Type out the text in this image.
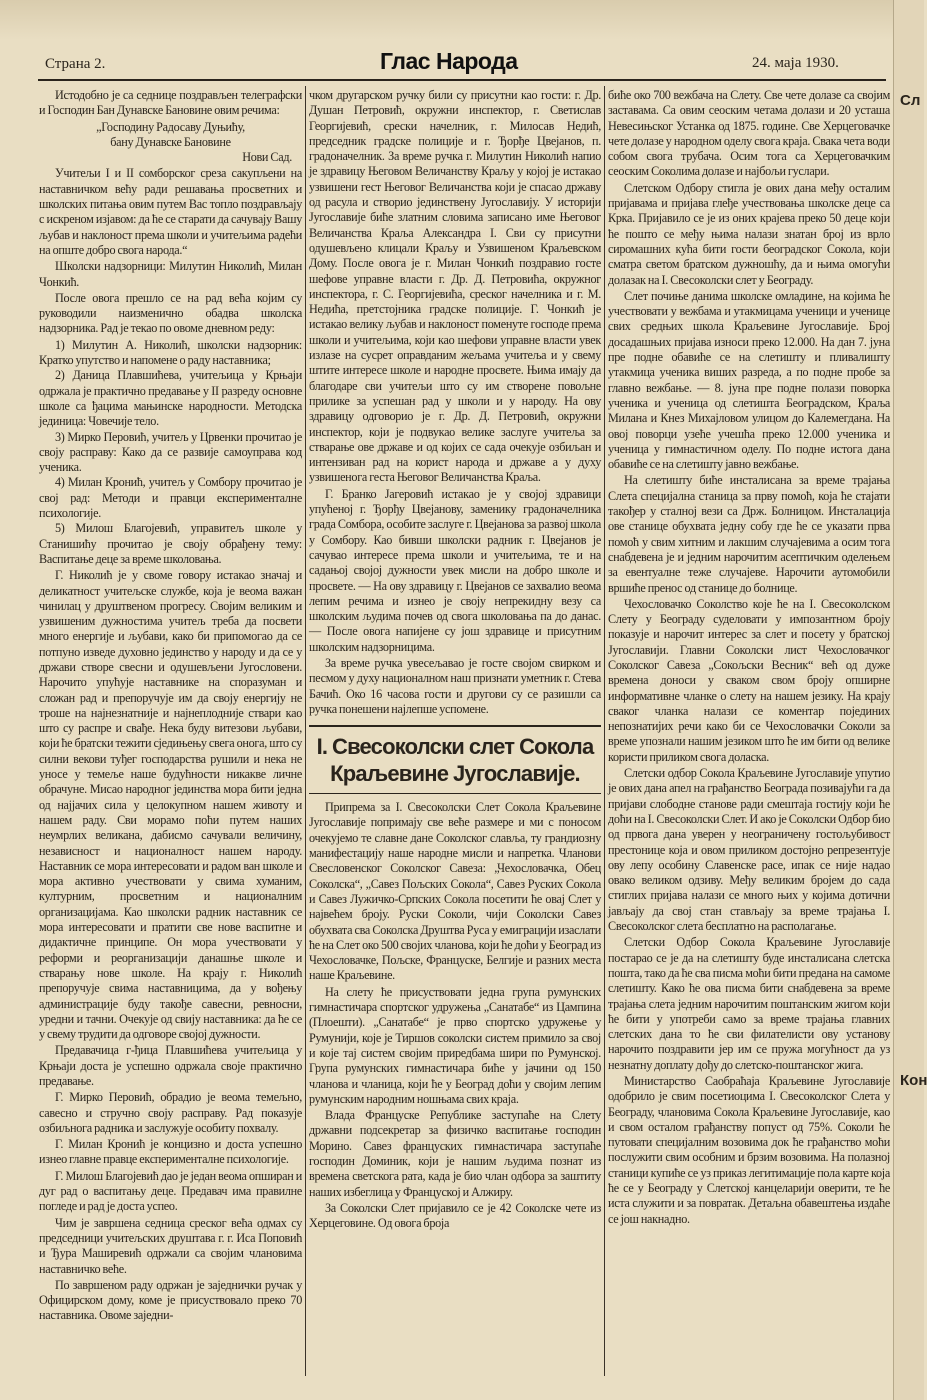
Страна 2.	Глас Народа	24. маја 1930.

Истодобно је са седнице поздрављен телеграфски и Господин Бан Дунавске Бановине овим речима:

„Господину Радосаву Дуњићу,

бану Дунавске Бановине

Нови Сад.

Учитељи I и II сомборског среза сакупљени на наставничком већу ради решавања просветних и школских питања овим путем Вас топло поздрављају с искреном изјавом: да ће се старати да сачувају Вашу љубав и наклоност према школи и учитељима радећи на опште добро свога народа.“

Школски надзорници: Милутин Николић, Милан Чонкић.

После овога прешло се на рад већа којим су руководили наизменично обадва школска надзорника. Рад је текао по овоме дневном реду:

1) Милутин А. Николић, школски надзорник: Кратко упутство и напомене о раду наставника;

2) Даница Плавшићева, учитељица у Крњаји одржала је практично предавање у II разреду основне школе са ђацима мањинске народности. Методска јединица: Човечије тело.

3) Мирко Перовић, учитељ у Црвенки прочитао је своју расправу: Како да се развије самоуправа код ученика.

4) Милан Кронић, учитељ у Сомбору прочитао је свој рад: Методи и правци експерименталне психологије.

5) Милош Благојевић, управитељ школе у Станишићу прочитао је своју обрађену тему: Васпитање деце за време школовања.

Г. Николић је у своме говору истакао значај и деликатност учитељске службе, која је веома важан чинилац у друштвеном прогресу. Својим великим и узвишеним дужностима учитељ треба да посвети много енергије и љубави, како би припомогао да се потпуно изведе духовно јединство у народу и да се у држави створе свесни и одушевљени Југословени. Нарочито упућује наставнике на споразуман и сложан рад и препоручује им да своју енергију не троше на најнезнатније и најнеплодније ствари као што су распре и свађе. Нека буду витезови љубави, који ће братски тежити сједињењу свега онога, што су силни векови туђег господарства рушили и нека не уносе у темеље наше будућности никакве личне обрачуне. Мисао народног јединства мора бити једна од најјачих сила у целокупном нашем животу и нашем раду. Сви морамо поћи путем наших неумрлих великана, дабисмо сачували величину, независност и националност нашем народу. Наставник се мора интересовати и радом ван школе и мора активно учествовати у свима хуманим, културним, просветним и националним организацијама. Као школски радник наставник се мора интересовати и пратити све нове васпитне и дидактичне принципе. Он мора учествовати у реформи и реорганизацији данашње школе и стварању нове школе. На крају г. Николић препоручује свима наставницима, да у вођењу администрације буду такође савесни, ревносни, уредни и тачни. Очекује од свију наставника: да ће се у свему трудити да одговоре својој дужности.

Предавачица г-ђица Плавшићева учитељица у Крњаји доста је успешно одржала своје практично предавање.

Г. Мирко Перовић, обрадио је веома темељно, савесно и стручно своју расправу. Рад показује озбиљнога радника и заслужује особиту похвалу.

Г. Милан Кронић је концизно и доста успешно изнео главне правце експерименталне психологије.

Г. Милош Благојевић дао је један веома опширан и дуг рад о васпитању деце. Предавач има правилне погледе и рад је доста успео.

Чим је завршена седница среског већа одмах су председници учитељских друштава г. г. Иса Поповић и Ђура Маширевић одржали са својим члановима наставничко веће.

По завршеном раду одржан је заједнички ручак у Официрском дому, коме је присуствовало преко 70 наставника. Овоме заједни-

чком другарском ручку били су присутни као гости: г. Др. Душан Петровић, окружни инспектор, г. Светислав Георгијевић, срески начелник, г. Милосав Недић, председник градске полиције и г. Ђорђе Цвејанов, п. градоначелник. За време ручка г. Милутин Николић напио је здравицу Његовом Величанству Краљу у којој је истакао узвишени гест Његовог Величанства који је спасао државу од расула и створио јединствену Југославију. У историји Југославије биће златним словима записано име Његовог Величанства Краља Александра I. Сви су присутни одушевљено клицали Краљу и Узвишеном Краљевском Дому. После овога је г. Милан Чонкић поздравио госте шефове управне власти г. Др. Д. Петровића, окружног инспектора, г. С. Георгијевића, среског начелника и г. М. Недића, претстојника градске полиције. Г. Чонкић је истакао велику љубав и наклоност поменуте господе према школи и учитељима, који као шефови управне власти увек излазе на сусрет оправданим жељама учитеља и у свему штите интересе школе и народне просвете. Њима имају да благодаре сви учитељи што су им створене повољне прилике за успешан рад у школи и у народу. На ову здравицу одговорио је г. Др. Д. Петровић, окружни инспектор, који је подвукао велике заслуге учитеља за стварање ове државе и од којих се сада очекује озбиљан и интензиван рад на корист народа и државе а у духу узвишенога геста Његовог Величанства Краља.

Г. Бранко Јагеровић истакао је у својој здравици упућеној г. Ђорђу Цвејанову, заменику градоначелника града Сомбора, особите заслуге г. Цвејанова за развој школа у Сомбору. Као бивши школски радник г. Цвејанов је сачувао интересе према школи и учитељима, те и на садањој својој дужности увек мисли на добро школе и просвете. — На ову здравицу г. Цвејанов се захвалио веома лепим речима и изнео је своју непрекидну везу са школским људима почев од свога школовања па до данас. — После овога напијене су још здравице и присутним школским надзорницима.

За време ручка увесељавао је госте својом свирком и песмом у духу националном наш признати уметник г. Стева Бачић. Око 16 часова гости и другови су се разишли са ручка понешени најлепше успомене.

I. Свесоколски слет Сокола Краљевине Југославије.

Припрема за I. Свесоколски Слет Сокола Краљевине Југославије попримају све веће размере и ми с поносом очекујемо те славне дане Соколског славља, ту грандиозну манифестацију наше народне мисли и напретка. Чланови Свесловенског Соколског Савеза: „Чехословачка, Обец Соколска“, „Савез Пољских Сокола“, Савез Руских Сокола и Савез Лужичко-Српских Сокола посетити ће овај Слет у највећем броју. Руски Соколи, чији Соколски Савез обухвата сва Соколска Друштва Руса у емиграцији изаслати ће на Слет око 500 својих чланова, који ће доћи у Београд из Чехословачке, Пољске, Француске, Белгије и разних места наше Краљевине.

На слету ће присуствовати једна група румунских гимнастичара спортског удружења „Санатабе“ из Цампина (Плоешти). „Санатабе“ је прво спортско удружење у Румунији, које је Тиршов соколски систем примило за свој и које тај систем својим приредбама шири по Румунској. Група румунских гимнастичара биће у јачини од 150 чланова и чланица, који ће у Београд доћи у својим лепим румунским народним ношњама свих краја.

Влада Француске Републике заступаће на Слету државни подсекретар за физичко васпитање господин Морино. Савез француских гимнастичара заступаће господин Доминик, који је нашим људима познат из времена светскога рата, када је био члан одбора за заштиту наших избеглица у Француској и Алжиру.

За Соколски Слет пријавило се је 42 Соколске чете из Херцеговине. Од овога броја

биће око 700 вежбача на Слету. Све чете долазе са својим заставама. Са овим сеоским четама долази и 20 усташа Невесињског Устанка од 1875. године. Све Херцеговачке чете долазе у народном оделу свога краја. Свака чета води собом свога трубача. Осим тога са Херцеговачким сеоским Соколима долазе и најбољи гуслари.

Слетском Одбору стигла је ових дана међу осталим пријавама и пријава глеђе учествовања школске деце са Крка. Пријавило се је из оних крајева преко 50 деце који ће пошто се међу њима налази знатан број из врло сиромашних кућа бити гости београдског Сокола, који сматра светом братском дужношћу, да и њима омогући долазак на I. Свесоколски слет у Београду.

Слет почиње данима школске омладине, на којима ће учествовати у вежбама и утакмицама ученици и ученице свих средњих школа Краљевине Југославије. Број досадашњих пријава износи преко 12.000. На дан 7. јуна пре подне обавиће се на слетишту и пливалишту утакмица ученика виших разреда, а по подне пробе за главно вежбање. — 8. јуна пре подне полази поворка ученика и ученица од слетишта Београдском, Краља Милана и Кнез Михајловом улицом до Калемегдана. На овој поворци узеће учешћа преко 12.000 ученика и ученица у гимнастичном оделу. По подне истога дана обавиће се на слетишту јавно вежбање.

На слетишту биће инсталисана за време трајања Слета специјална станица за прву помоћ, која ће стајати такођер у сталној вези са Држ. Болницом. Инсталација ове станице обухвата једну собу где ће се указати прва помоћ у свим хитним и лакшим случајевима а осим тога снабдевена је и једним нарочитим асептичким оделењем за евентуалне теже случајеве. Нарочити аутомобили вршиће пренос од станице до болнице.

Чехословачко Соколство које ће на I. Свесоколском Слету у Београду суделовати у импозантном броју показује и нарочит интерес за слет и посету у братској Југославији. Главни Соколски лист Чехословачког Соколског Савеза „Сокољски Весник“ већ од дуже времена доноси у сваком свом броју опширне информативне чланке о слету на нашем језику. На крају сваког чланка налази се коментар појединих непознатијих речи како би се Чехословачки Соколи за време упознали нашим језиком што ће им бити од велике користи приликом свога доласка.

Слетски одбор Сокола Краљевине Југославије упутио је ових дана апел на грађанство Београда позивајући га да пријави слободне станове ради смештаја гостију који ће доћи на I. Свесоколски Слет. И ако је Соколски Одбор био од првога дана уверен у неограничену гостољубивост престонице која и овом приликом достојно репрезентује ову лепу особину Славенске расе, ипак се није надао овако великом одзиву. Међу великим бројем до сада стиглих пријава налази се много њих у којима дотични јављају да свој стан стављају за време трајања I. Свесоколског слета бесплатно на располагање.

Слетски Одбор Сокола Краљевине Југославије постарао се је да на слетишту буде инсталисана слетска пошта, тако да ће сва писма моћи бити предана на самоме слетишту. Како ће ова писма бити снабдевена за време трајања слета једним нарочитим поштанским жигом који ће бити у употреби само за време трајања главних слетских дана то ће сви филателисти ову установу нарочито поздравити јер им се пружа могућност да уз незнатну доплату дођу до слетско-поштанског жига.

Министарство Саобраћаја Краљевине Југославије одобрило је свим посетиоцима I. Свесоколског Слета у Београду, члановима Сокола Краљевине Југославије, као и свом осталом грађанству попуст од 75%. Соколи ће путовати специјалним возовима док ће грађанство моћи послужити свим особним и брзим возовима. На полазној станици купиће се уз приказ легитимације пола карте која ће се у Београду у Слетској канцеларији оверити, те ће иста служити и за повратак. Детаљна обавештења издаће се још накнадно.

Сл
Кон
